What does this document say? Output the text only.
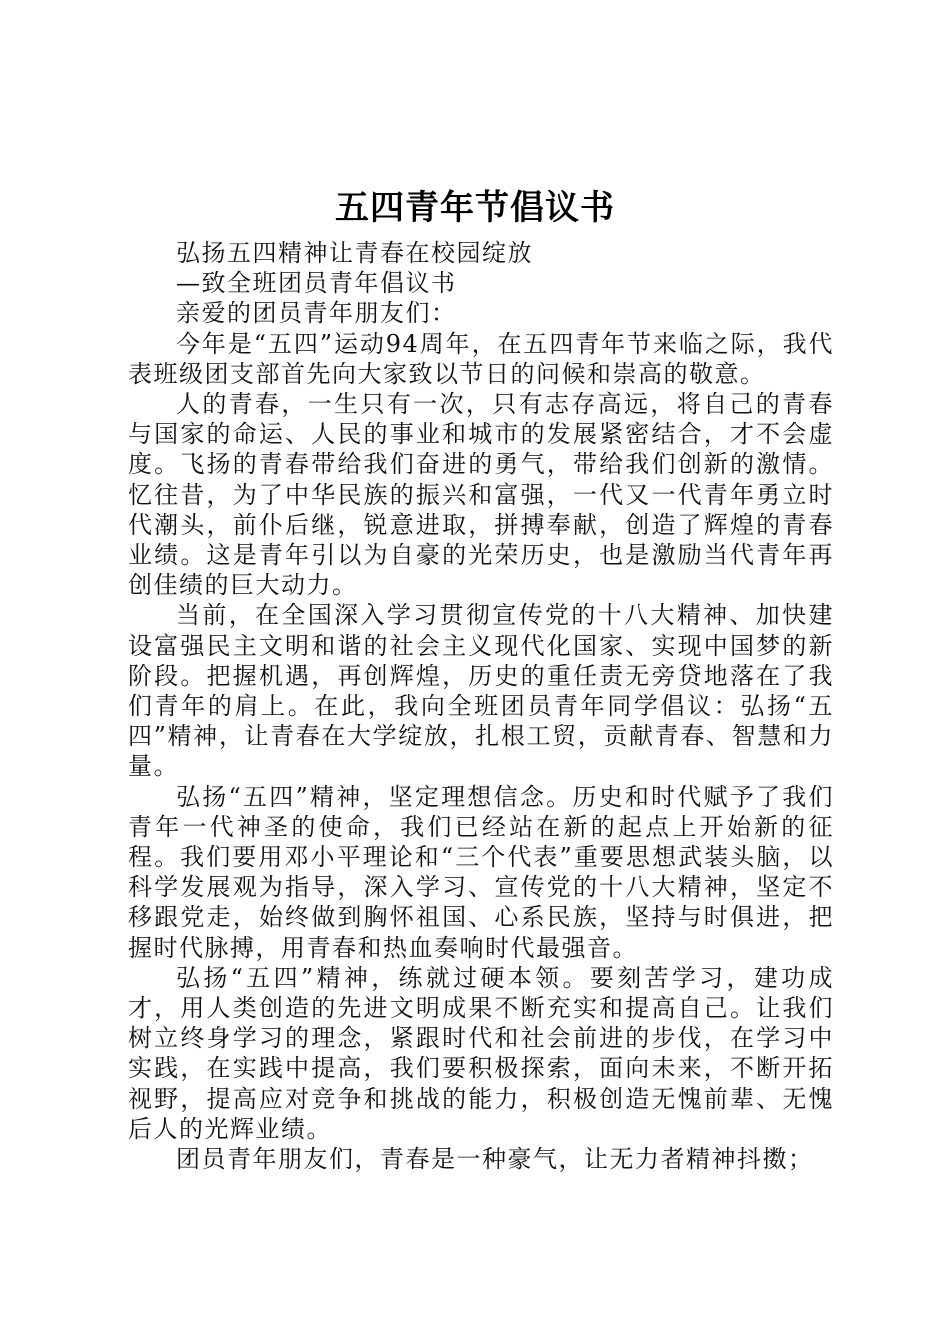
五四青年节倡议书

弘扬五四精神让青春在校园绽放

—致全班团员青年倡议书

亲爱的团员青年朋友们：

今年是“五四”运动94周年，在五四青年节来临之际，我代表班级团支部首先向大家致以节日的问候和崇高的敬意。

人的青春，一生只有一次，只有志存高远，将自己的青春与国家的命运、人民的事业和城市的发展紧密结合，才不会虚度。飞扬的青春带给我们奋进的勇气，带给我们创新的激情。忆往昔，为了中华民族的振兴和富强，一代又一代青年勇立时代潮头，前仆后继，锐意进取，拼搏奉献，创造了辉煌的青春业绩。这是青年引以为自豪的光荣历史，也是激励当代青年再创佳绩的巨大动力。

当前，在全国深入学习贯彻宣传党的十八大精神、加快建设富强民主文明和谐的社会主义现代化国家、实现中国梦的新阶段。把握机遇，再创辉煌，历史的重任责无旁贷地落在了我们青年的肩上。在此，我向全班团员青年同学倡议：弘扬“五四”精神，让青春在大学绽放，扎根工贸，贡献青春、智慧和力量。

弘扬“五四”精神，坚定理想信念。历史和时代赋予了我们青年一代神圣的使命，我们已经站在新的起点上开始新的征程。我们要用邓小平理论和“三个代表”重要思想武装头脑，以科学发展观为指导，深入学习、宣传党的十八大精神，坚定不移跟党走，始终做到胸怀祖国、心系民族，坚持与时俱进，把握时代脉搏，用青春和热血奏响时代最强音。

弘扬“五四”精神，练就过硬本领。要刻苦学习，建功成才，用人类创造的先进文明成果不断充实和提高自己。让我们树立终身学习的理念，紧跟时代和社会前进的步伐，在学习中实践，在实践中提高，我们要积极探索，面向未来，不断开拓视野，提高应对竞争和挑战的能力，积极创造无愧前辈、无愧后人的光辉业绩。

团员青年朋友们，青春是一种豪气，让无力者精神抖擞；
